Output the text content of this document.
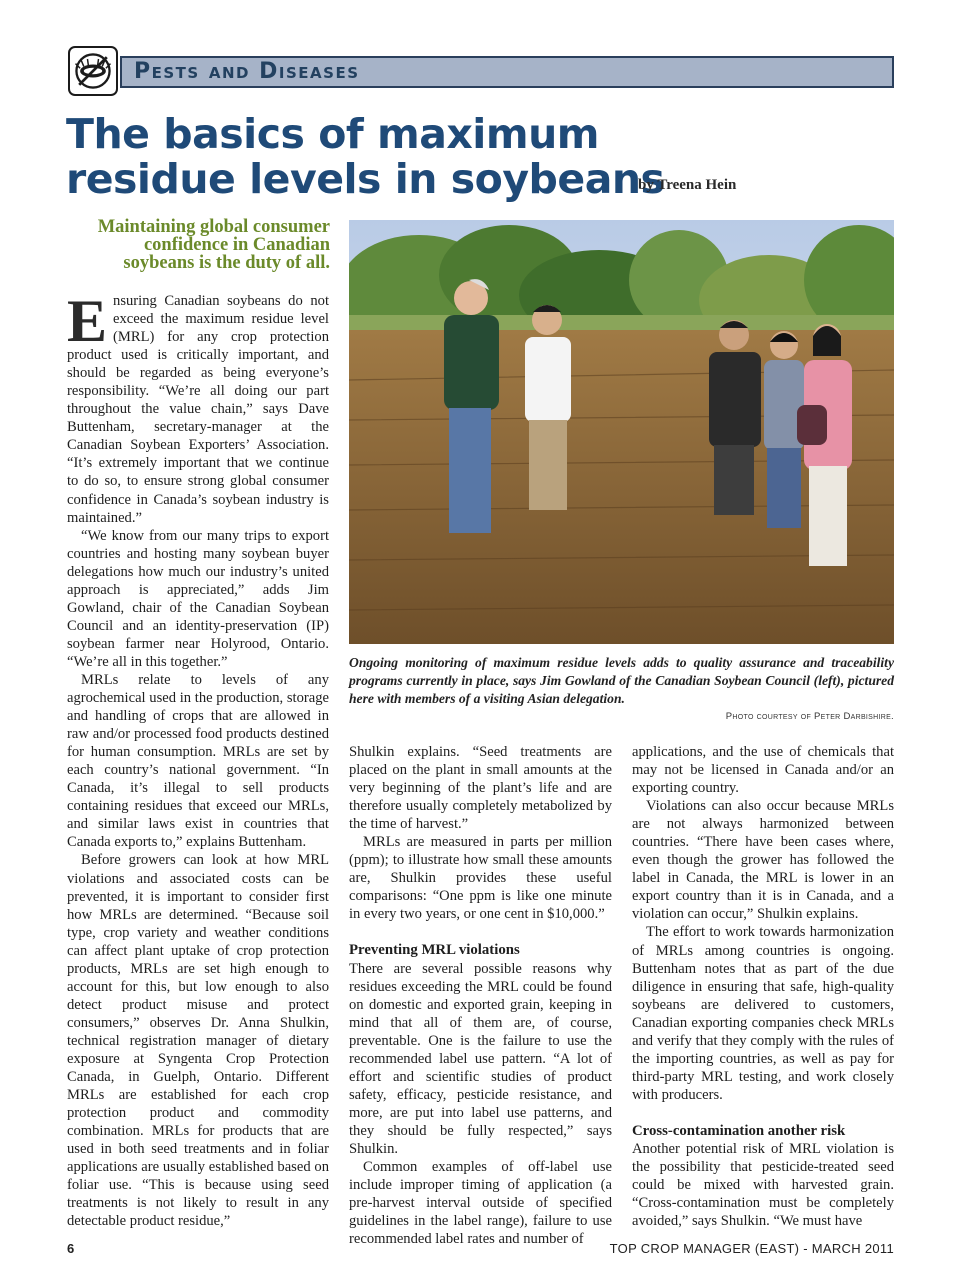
Pests and Diseases
The basics of maximum
residue levels in soybeans
by Treena Hein

Maintaining global consumer confidence in Canadian soybeans is the duty of all.

Ensuring Canadian soybeans do not exceed the maximum residue level (MRL) for any crop protection product used is critically important, and should be regarded as being everyone’s responsibility. “We’re all doing our part throughout the value chain,” says Dave Buttenham, secretary-manager at the Canadian Soybean Exporters’ Association. “It’s extremely important that we continue to do so, to ensure strong global consumer confidence in Canada’s soybean industry is maintained.”

“We know from our many trips to export countries and hosting many soybean buyer delegations how much our industry’s united approach is appreciated,” adds Jim Gowland, chair of the Canadian Soybean Council and an identity-preservation (IP) soybean farmer near Holyrood, Ontario. “We’re all in this together.”

MRLs relate to levels of any agrochemical used in the production, storage and handling of crops that are allowed in raw and/or processed food products destined for human consumption. MRLs are set by each country’s national government. “In Canada, it’s illegal to sell products containing residues that exceed our MRLs, and similar laws exist in countries that Canada exports to,” explains Buttenham.

Before growers can look at how MRL violations and associated costs can be prevented, it is important to consider first how MRLs are determined. “Because soil type, crop variety and weather conditions can affect plant uptake of crop protection products, MRLs are set high enough to account for this, but low enough to also detect product misuse and protect consumers,” observes Dr. Anna Shulkin, technical registration manager of dietary exposure at Syngenta Crop Protection Canada, in Guelph, Ontario. Different MRLs are established for each crop protection product and commodity combination. MRLs for products that are used in both seed treatments and in foliar applications are usually established based on foliar use. “This is because using seed treatments is not likely to result in any detectable product residue,”

Ongoing monitoring of maximum residue levels adds to quality assurance and traceability programs currently in place, says Jim Gowland of the Canadian Soybean Council (left), pictured here with members of a visiting Asian delegation.

Photo courtesy of Peter Darbishire.

Shulkin explains. “Seed treatments are placed on the plant in small amounts at the very beginning of the plant’s life and are therefore usually completely metabolized by the time of harvest.”

MRLs are measured in parts per million (ppm); to illustrate how small these amounts are, Shulkin provides these useful comparisons: “One ppm is like one minute in every two years, or one cent in $10,000.”

Preventing MRL violations

There are several possible reasons why residues exceeding the MRL could be found on domestic and exported grain, keeping in mind that all of them are, of course, preventable. One is the failure to use the recommended label use pattern. “A lot of effort and scientific studies of product safety, efficacy, pesticide resistance, and more, are put into label use patterns, and they should be fully respected,” says Shulkin.

Common examples of off-label use include improper timing of application (a pre-harvest interval outside of specified guidelines in the label range), failure to use recommended label rates and number of

applications, and the use of chemicals that may not be licensed in Canada and/or an exporting country.

Violations can also occur because MRLs are not always harmonized between countries. “There have been cases where, even though the grower has followed the label in Canada, the MRL is lower in an export country than it is in Canada, and a violation can occur,” Shulkin explains.

The effort to work towards harmonization of MRLs among countries is ongoing. Buttenham notes that as part of the due diligence in ensuring that safe, high-quality soybeans are delivered to customers, Canadian exporting companies check MRLs and verify that they comply with the rules of the importing countries, as well as pay for third-party MRL testing, and work closely with producers.

Cross-contamination another risk

Another potential risk of MRL violation is the possibility that pesticide-treated seed could be mixed with harvested grain. “Cross-contamination must be completely avoided,” says Shulkin. “We must have

6	TOP CROP MANAGER (EAST) - MARCH 2011
